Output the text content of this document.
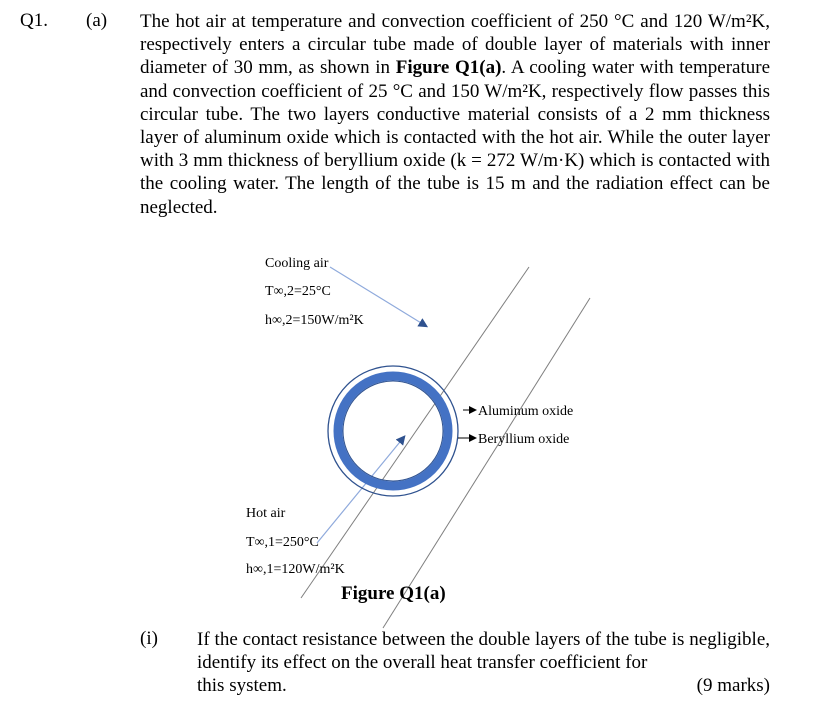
Q1. (a) The hot air at temperature and convection coefficient of 250 °C and 120 W/m²K, respectively enters a circular tube made of double layer of materials with inner diameter of 30 mm, as shown in Figure Q1(a). A cooling water with temperature and convection coefficient of 25 °C and 150 W/m²K, respectively flow passes this circular tube. The two layers conductive material consists of a 2 mm thickness layer of aluminum oxide which is contacted with the hot air. While the outer layer with 3 mm thickness of beryllium oxide (k = 272 W/m·K) which is contacted with the cooling water. The length of the tube is 15 m and the radiation effect can be neglected.
Cooling air
T∞,2=25°C
h∞,2=150W/m²K
Aluminum oxide
Beryllium oxide
Hot air
T∞,1=250°C
h∞,1=120W/m²K
Figure Q1(a)
(i) If the contact resistance between the double layers of the tube is negligible, identify its effect on the overall heat transfer coefficient for
this system.	(9 marks)
